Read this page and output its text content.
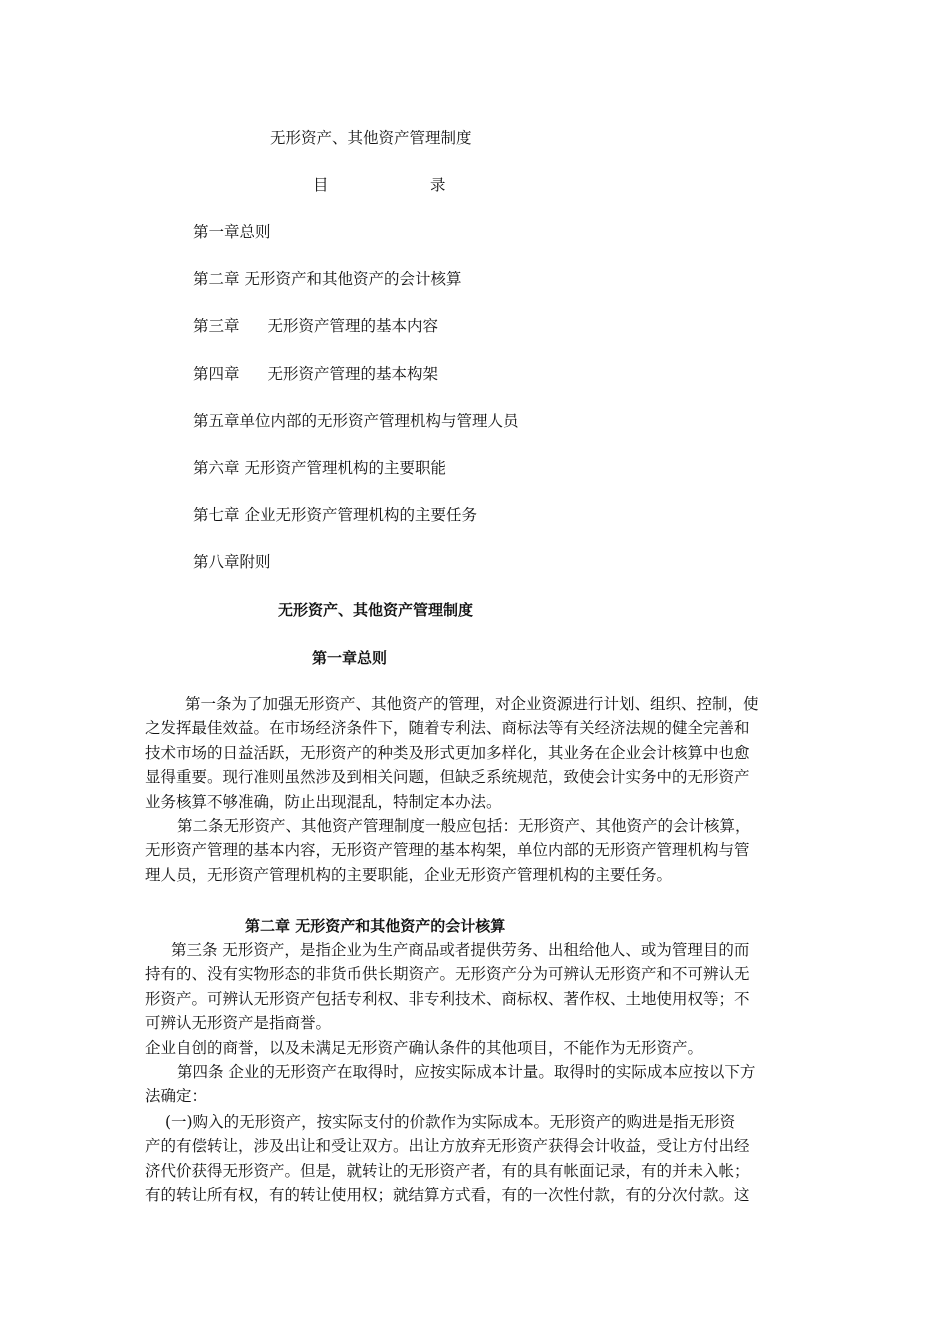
无形资产、其他资产管理制度
目	录
第一章总则
第二章 无形资产和其他资产的会计核算
第三章 无形资产管理的基本内容
第四章 无形资产管理的基本构架
第五章单位内部的无形资产管理机构与管理人员
第六章 无形资产管理机构的主要职能
第七章 企业无形资产管理机构的主要任务
第八章附则
无形资产、其他资产管理制度
第一章总则
第一条为了加强无形资产、其他资产的管理，对企业资源进行计划、组织、控制，使
之发挥最佳效益。在市场经济条件下，随着专利法、商标法等有关经济法规的健全完善和
技术市场的日益活跃，无形资产的种类及形式更加多样化，其业务在企业会计核算中也愈
显得重要。现行准则虽然涉及到相关问题，但缺乏系统规范，致使会计实务中的无形资产
业务核算不够准确，防止出现混乱，特制定本办法。
第二条无形资产、其他资产管理制度一般应包括：无形资产、其他资产的会计核算，
无形资产管理的基本内容，无形资产管理的基本构架，单位内部的无形资产管理机构与管
理人员，无形资产管理机构的主要职能，企业无形资产管理机构的主要任务。
第二章 无形资产和其他资产的会计核算
第三条 无形资产，是指企业为生产商品或者提供劳务、出租给他人、或为管理目的而
持有的、没有实物形态的非货币供长期资产。无形资产分为可辨认无形资产和不可辨认无
形资产。可辨认无形资产包括专利权、非专利技术、商标权、著作权、土地使用权等；不
可辨认无形资产是指商誉。
企业自创的商誉，以及未满足无形资产确认条件的其他项目，不能作为无形资产。
第四条 企业的无形资产在取得时，应按实际成本计量。取得时的实际成本应按以下方
法确定：
(一)购入的无形资产，按实际支付的价款作为实际成本。无形资产的购进是指无形资
产的有偿转让，涉及出让和受让双方。出让方放弃无形资产获得会计收益，受让方付出经
济代价获得无形资产。但是，就转让的无形资产者，有的具有帐面记录，有的并未入帐；
有的转让所有权，有的转让使用权；就结算方式看，有的一次性付款，有的分次付款。这
